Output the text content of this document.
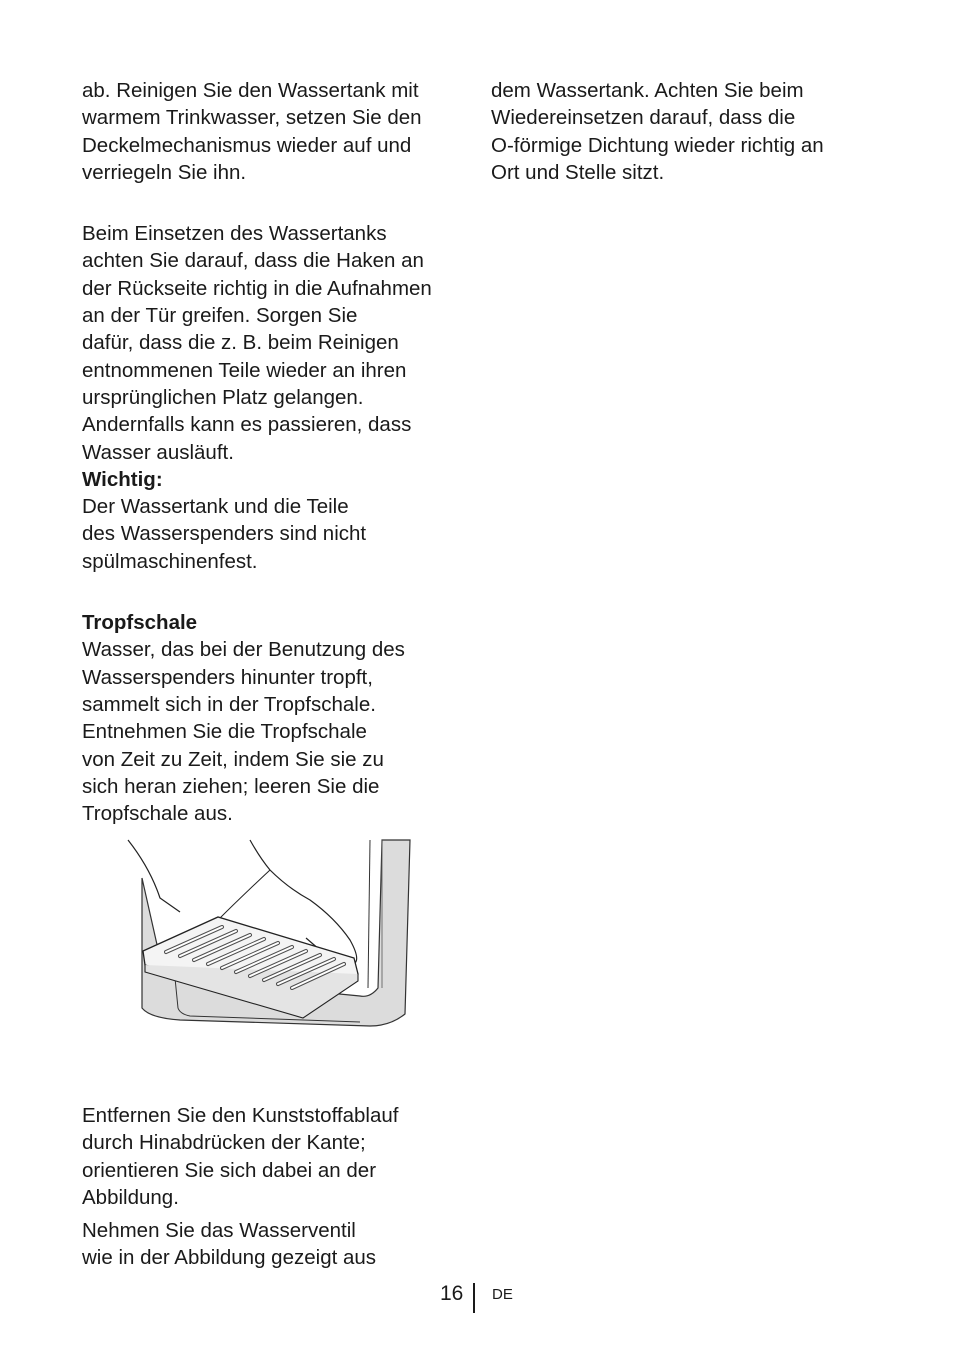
ab. Reinigen Sie den Wassertank mit
warmem Trinkwasser, setzen Sie den
Deckelmechanismus wieder auf und
verriegeln Sie ihn.
Beim Einsetzen des Wassertanks
achten Sie darauf, dass die Haken an
der Rückseite richtig in die Aufnahmen
an der Tür greifen. Sorgen Sie
dafür, dass die z. B. beim Reinigen
entnommenen Teile wieder an ihren
ursprünglichen Platz gelangen.
Andernfalls kann es passieren, dass
Wasser ausläuft.
Wichtig:
Der Wassertank und die Teile
des Wasserspenders sind nicht
spülmaschinenfest.
Tropfschale
Wasser, das bei der Benutzung des
Wasserspenders hinunter tropft,
sammelt sich in der Tropfschale.
Entnehmen Sie die Tropfschale
von Zeit zu Zeit, indem Sie sie zu
sich heran ziehen; leeren Sie die
Tropfschale aus.
Entfernen Sie den Kunststoffablauf
durch Hinabdrücken der Kante;
orientieren Sie sich dabei an der
Abbildung.
Nehmen Sie das Wasserventil
wie in der Abbildung gezeigt aus
dem Wassertank. Achten Sie beim
Wiedereinsetzen darauf, dass die
O-förmige Dichtung wieder richtig an
Ort und Stelle sitzt.
16 DE
